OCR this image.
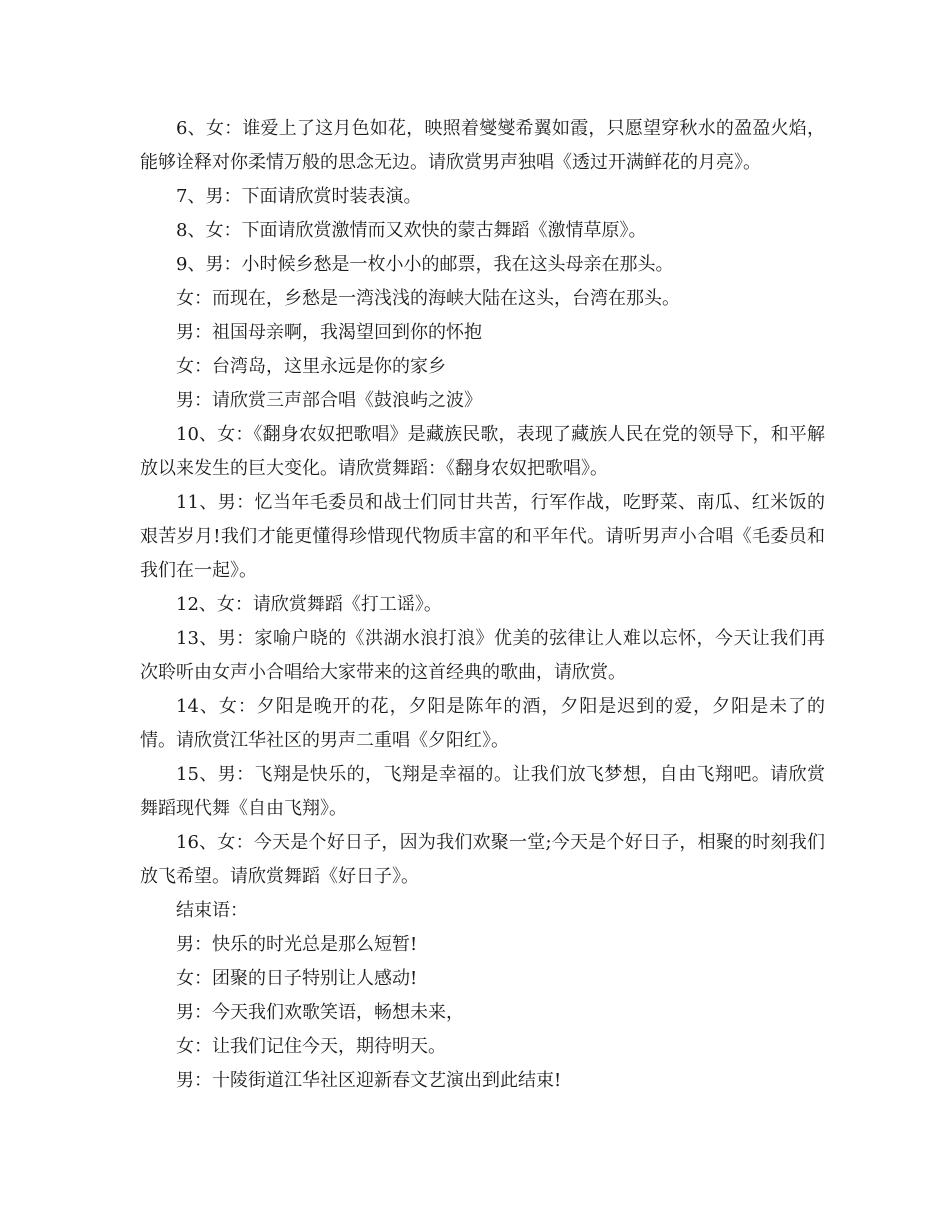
6、女：谁爱上了这月色如花，映照着燮燮希翼如霞，只愿望穿秋水的盈盈火焰，能够诠释对你柔情万般的思念无边。请欣赏男声独唱《透过开满鲜花的月亮》。

7、男：下面请欣赏时装表演。

8、女：下面请欣赏激情而又欢快的蒙古舞蹈《激情草原》。

9、男：小时候乡愁是一枚小小的邮票，我在这头母亲在那头。

女：而现在，乡愁是一湾浅浅的海峡大陆在这头，台湾在那头。

男：祖国母亲啊，我渴望回到你的怀抱

女：台湾岛，这里永远是你的家乡

男：请欣赏三声部合唱《鼓浪屿之波》

10、女：《翻身农奴把歌唱》是藏族民歌，表现了藏族人民在党的领导下，和平解放以来发生的巨大变化。请欣赏舞蹈：《翻身农奴把歌唱》。

11、男：忆当年毛委员和战士们同甘共苦，行军作战，吃野菜、南瓜、红米饭的艰苦岁月!我们才能更懂得珍惜现代物质丰富的和平年代。请听男声小合唱《毛委员和我们在一起》。

12、女：请欣赏舞蹈《打工谣》。

13、男：家喻户晓的《洪湖水浪打浪》优美的弦律让人难以忘怀，今天让我们再次聆听由女声小合唱给大家带来的这首经典的歌曲，请欣赏。

14、女：夕阳是晚开的花，夕阳是陈年的酒，夕阳是迟到的爱，夕阳是未了的情。请欣赏江华社区的男声二重唱《夕阳红》。

15、男：飞翔是快乐的，飞翔是幸福的。让我们放飞梦想，自由飞翔吧。请欣赏舞蹈现代舞《自由飞翔》。

16、女：今天是个好日子，因为我们欢聚一堂;今天是个好日子，相聚的时刻我们放飞希望。请欣赏舞蹈《好日子》。

结束语：

男：快乐的时光总是那么短暂!

女：团聚的日子特别让人感动!

男：今天我们欢歌笑语，畅想未来，

女：让我们记住今天，期待明天。

男：十陵街道江华社区迎新春文艺演出到此结束!
